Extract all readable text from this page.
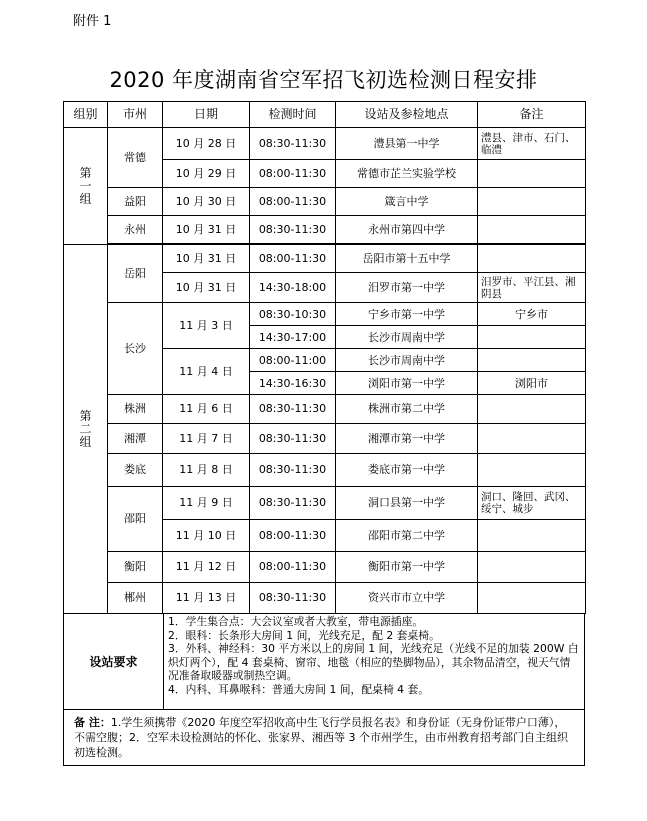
附件 1
2020 年度湖南省空军招飞初选检测日程安排
组别	市州	日期	检测时间	设站及参检地点	备注

第
一
组	常德	10 月 28 日	08:30-11:30	澧县第一中学	澧县、津市、石门、临澧
		10 月 29 日	08:00-11:30	常德市芷兰实验学校	
	益阳	10 月 30 日	08:00-11:30	箴言中学	
	永州	10 月 31 日	08:30-11:30	永州市第四中学	

第
二
组	岳阳	10 月 31 日	08:00-11:30	岳阳市第十五中学	
		10 月 31 日	14:30-18:00	汨罗市第一中学	汨罗市、平江县、湘阴县
	长沙	11 月 3 日	08:30-10:30	宁乡市第一中学	宁乡市
			14:30-17:00	长沙市周南中学	
		11 月 4 日	08:00-11:00	长沙市周南中学	
			14:30-16:30	浏阳市第一中学	浏阳市
	株洲	11 月 6 日	08:30-11:30	株洲市第二中学	
	湘潭	11 月 7 日	08:30-11:30	湘潭市第一中学	
	娄底	11 月 8 日	08:30-11:30	娄底市第一中学	
	邵阳	11 月 9 日	08:30-11:30	洞口县第一中学	洞口、隆回、武冈、绥宁、城步
		11 月 10 日	08:00-11:30	邵阳市第二中学	
	衡阳	11 月 12 日	08:00-11:30	衡阳市第一中学	
	郴州	11 月 13 日	08:30-11:30	资兴市市立中学	
设站要求
1．学生集合点：大会议室或者大教室，带电源插座。
2．眼科：长条形大房间 1 间，光线充足，配 2 套桌椅。
3．外科、神经科：30 平方米以上的房间 1 间，光线充足（光线不足的加装 200W 白炽灯两个），配 4 套桌椅、窗帘、地毯（相应的垫脚物品），其余物品清空，视天气情况准备取暖器或制热空调。
4．内科、耳鼻喉科：普通大房间 1 间，配桌椅 4 套。
备 注：1.学生须携带《2020 年度空军招收高中生飞行学员报名表》和身份证（无身份证带户口薄），不需空腹；2．空军未设检测站的怀化、张家界、湘西等 3 个市州学生，由市州教育招考部门自主组织初选检测。
